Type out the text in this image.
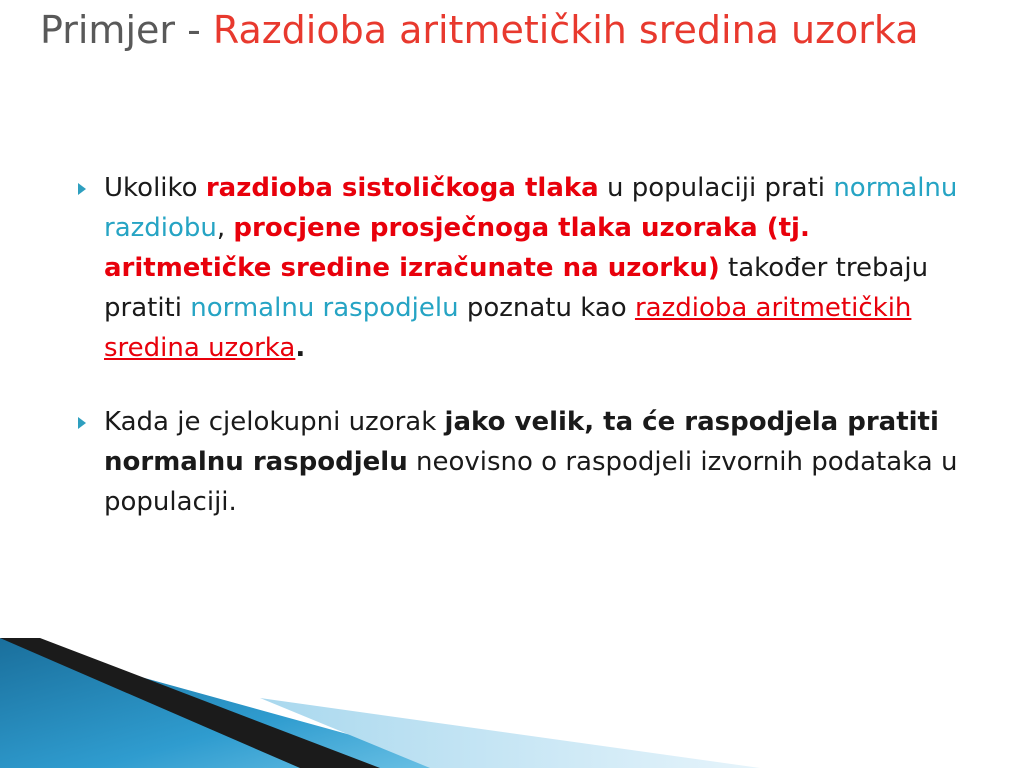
Primjer - Razdioba aritmetičkih sredina uzorka
Ukoliko razdioba sistoličkoga tlaka u populaciji prati normalnu razdiobu, procjene prosječnoga tlaka uzoraka (tj. aritmetičke sredine izračunate na uzorku) također trebaju pratiti normalnu raspodjelu poznatu kao razdioba aritmetičkih sredina uzorka.
Kada je cjelokupni uzorak jako velik, ta će raspodjela pratiti normalnu raspodjelu neovisno o raspodjeli izvornih podataka u populaciji.
